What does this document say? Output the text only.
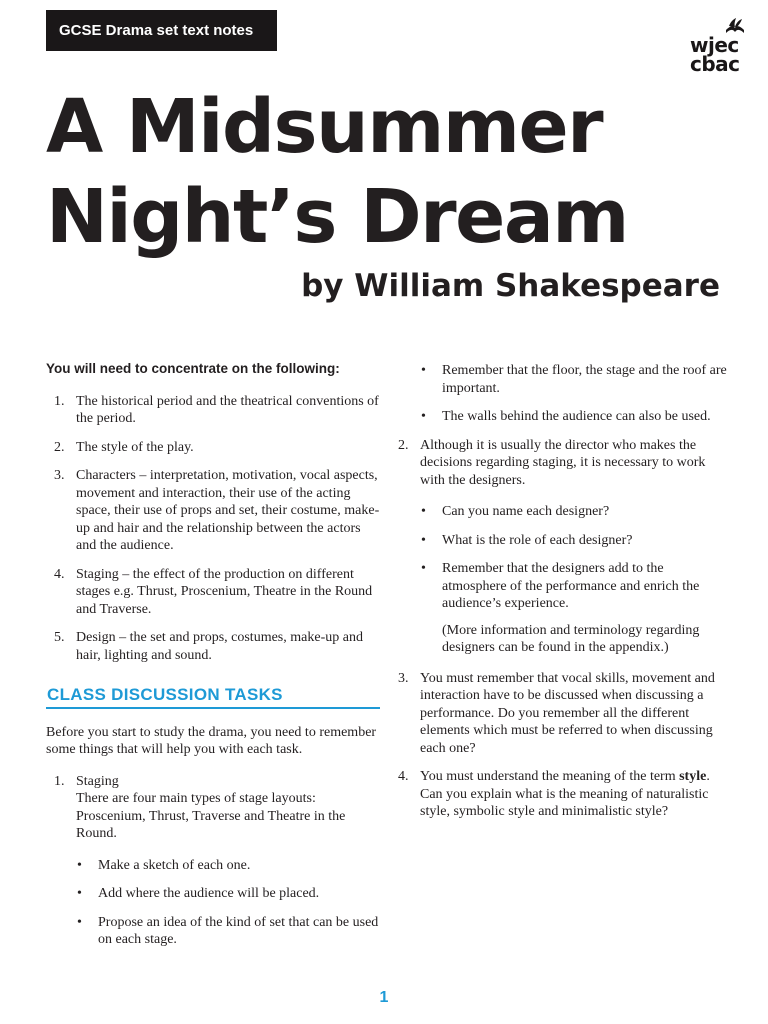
GCSE Drama set text notes
wjec
cbac
A Midsummer
Night’s Dream
by William Shakespeare

You will need to concentrate on the following:

1. The historical period and the theatrical conventions of the period.
2. The style of the play.
3. Characters – interpretation, motivation, vocal aspects, movement and interaction, their use of the acting space, their use of props and set, their costume, make-up and hair and the relationship between the actors and the audience.
4. Staging – the effect of the production on different stages e.g. Thrust, Proscenium, Theatre in the Round and Traverse.
5. Design – the set and props, costumes, make-up and hair, lighting and sound.
CLASS DISCUSSION TASKS

Before you start to study the drama, you need to remember some things that will help you with each task.

1. Staging
There are four main types of stage layouts: Proscenium, Thrust, Traverse and Theatre in the Round.
• Make a sketch of each one.
• Add where the audience will be placed.
• Propose an idea of the kind of set that can be used on each stage.
• Remember that the floor, the stage and the roof are important.
• The walls behind the audience can also be used.
2. Although it is usually the director who makes the decisions regarding staging, it is necessary to work with the designers.
• Can you name each designer?
• What is the role of each designer?
• Remember that the designers add to the atmosphere of the performance and enrich the audience’s experience.

(More information and terminology regarding designers can be found in the appendix.)

3. You must remember that vocal skills, movement and interaction have to be discussed when discussing a performance. Do you remember all the different elements which must be referred to when discussing each one?
4. You must understand the meaning of the term style. Can you explain what is the meaning of naturalistic style, symbolic style and minimalistic style?
1
